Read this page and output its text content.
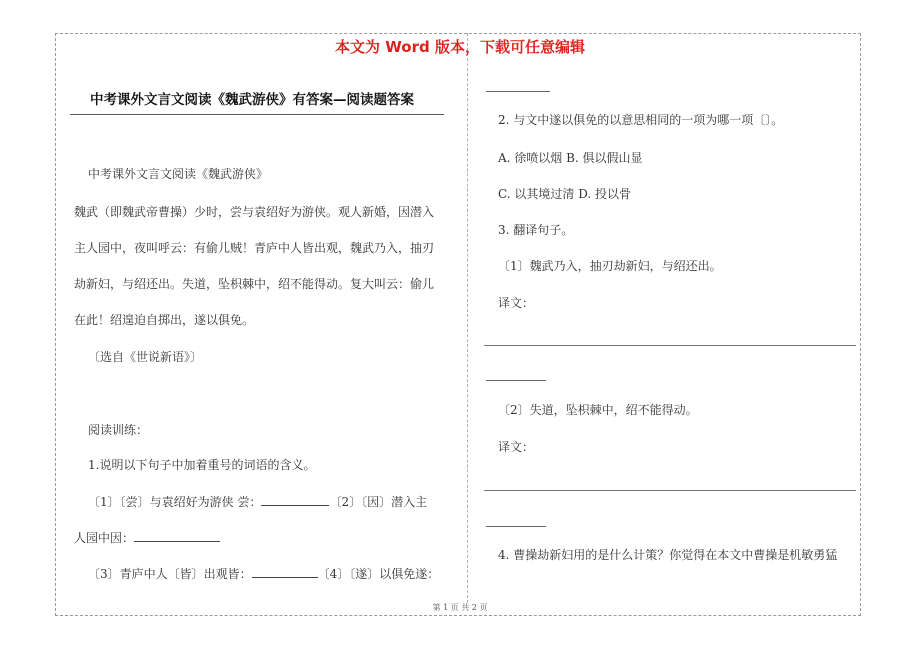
本文为 Word 版本，下载可任意编辑
中考课外文言文阅读《魏武游侠》有答案—阅读题答案
中考课外文言文阅读《魏武游侠》
魏武（即魏武帝曹操）少时，尝与袁绍好为游侠。观人新婚，因潜入
主人园中，夜叫呼云：有偷儿贼！青庐中人皆出观，魏武乃入，抽刃
劫新妇，与绍还出。失道，坠枳棘中，绍不能得动。复大叫云：偷儿
在此！绍遑迫自掷出，遂以俱免。
〔选自《世说新语》〕
阅读训练：
1.说明以下句子中加着重号的词语的含义。
〔1〕〔尝〕与袁绍好为游侠 尝：	〔2〕〔因〕潜入主
人园中因：
〔3〕青庐中人〔皆〕出观皆：	〔4〕〔遂〕以俱免遂：
2. 与文中遂以俱免的以意思相同的一项为哪一项〔〕。
A. 徐喷以烟 B. 俱以假山显
C. 以其境过清 D. 投以骨
3. 翻译句子。
〔1〕魏武乃入，抽刃劫新妇，与绍还出。
译文：
〔2〕失道，坠枳棘中，绍不能得动。
译文：
4. 曹操劫新妇用的是什么计策？你觉得在本文中曹操是机敏勇猛
第 1 页 共 2 页
